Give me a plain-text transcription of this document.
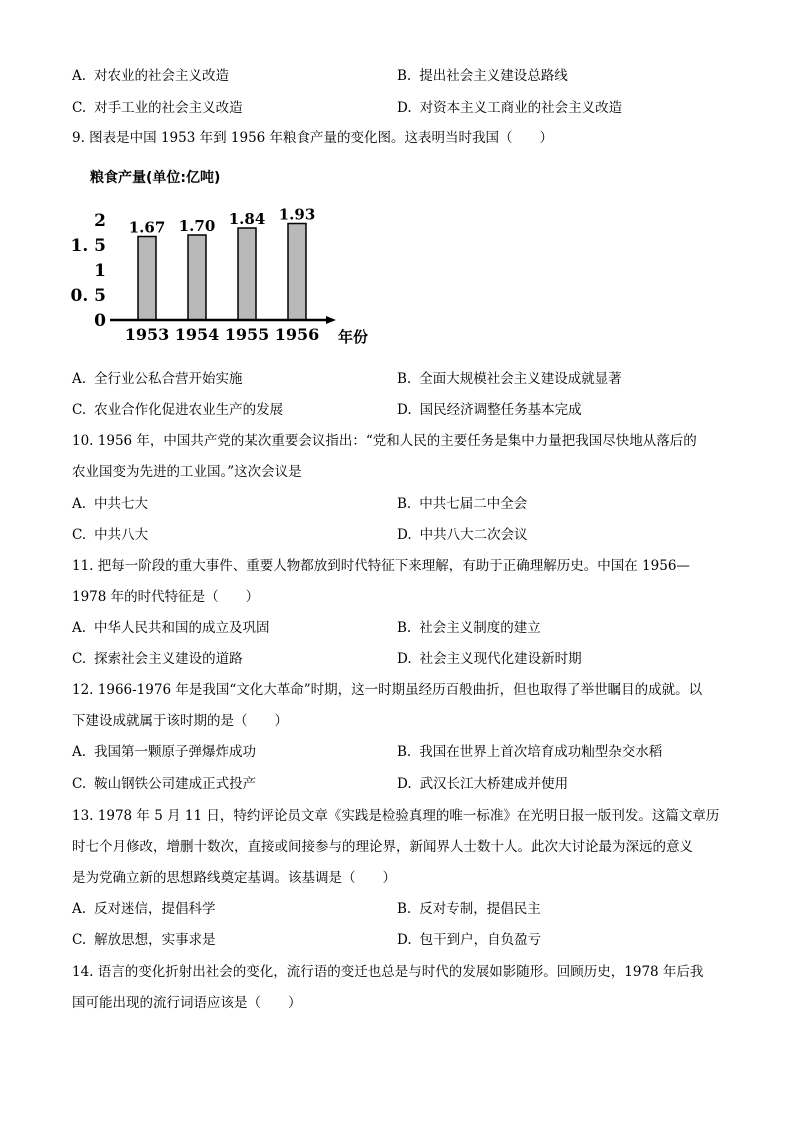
A. 对农业的社会主义改造	B. 提出社会主义建设总路线
C. 对手工业的社会主义改造	D. 对资本主义工商业的社会主义改造
9. 图表是中国 1953 年到 1956 年粮食产量的变化图。这表明当时我国（　　）
粮食产量(单位:亿吨)
0
0. 5
1
1. 5
2 1.67 1.70 1.84 1.93
1953 1954 1955 1956 年份
A. 全行业公私合营开始实施	B. 全面大规模社会主义建设成就显著
C. 农业合作化促进农业生产的发展	D. 国民经济调整任务基本完成
10. 1956 年，中国共产党的某次重要会议指出：“党和人民的主要任务是集中力量把我国尽快地从落后的
农业国变为先进的工业国。”这次会议是
A. 中共七大	B. 中共七届二中全会
C. 中共八大	D. 中共八大二次会议
11. 把每一阶段的重大事件、重要人物都放到时代特征下来理解，有助于正确理解历史。中国在 1956—
1978 年的时代特征是（　　）
A. 中华人民共和国的成立及巩固	B. 社会主义制度的建立
C. 探索社会主义建设的道路	D. 社会主义现代化建设新时期
12. 1966-1976 年是我国“文化大革命”时期，这一时期虽经历百般曲折，但也取得了举世瞩目的成就。以
下建设成就属于该时期的是（　　）
A. 我国第一颗原子弹爆炸成功	B. 我国在世界上首次培育成功籼型杂交水稻
C. 鞍山钢铁公司建成正式投产	D. 武汉长江大桥建成并使用
13. 1978 年 5 月 11 日，特约评论员文章《实践是检验真理的唯一标准》在光明日报一版刊发。这篇文章历
时七个月修改，增删十数次，直接或间接参与的理论界，新闻界人士数十人。此次大讨论最为深远的意义
是为党确立新的思想路线奠定基调。该基调是（　　）
A. 反对迷信，提倡科学	B. 反对专制，提倡民主
C. 解放思想，实事求是	D. 包干到户，自负盈亏
14. 语言的变化折射出社会的变化，流行语的变迁也总是与时代的发展如影随形。回顾历史，1978 年后我
国可能出现的流行词语应该是（　　）
